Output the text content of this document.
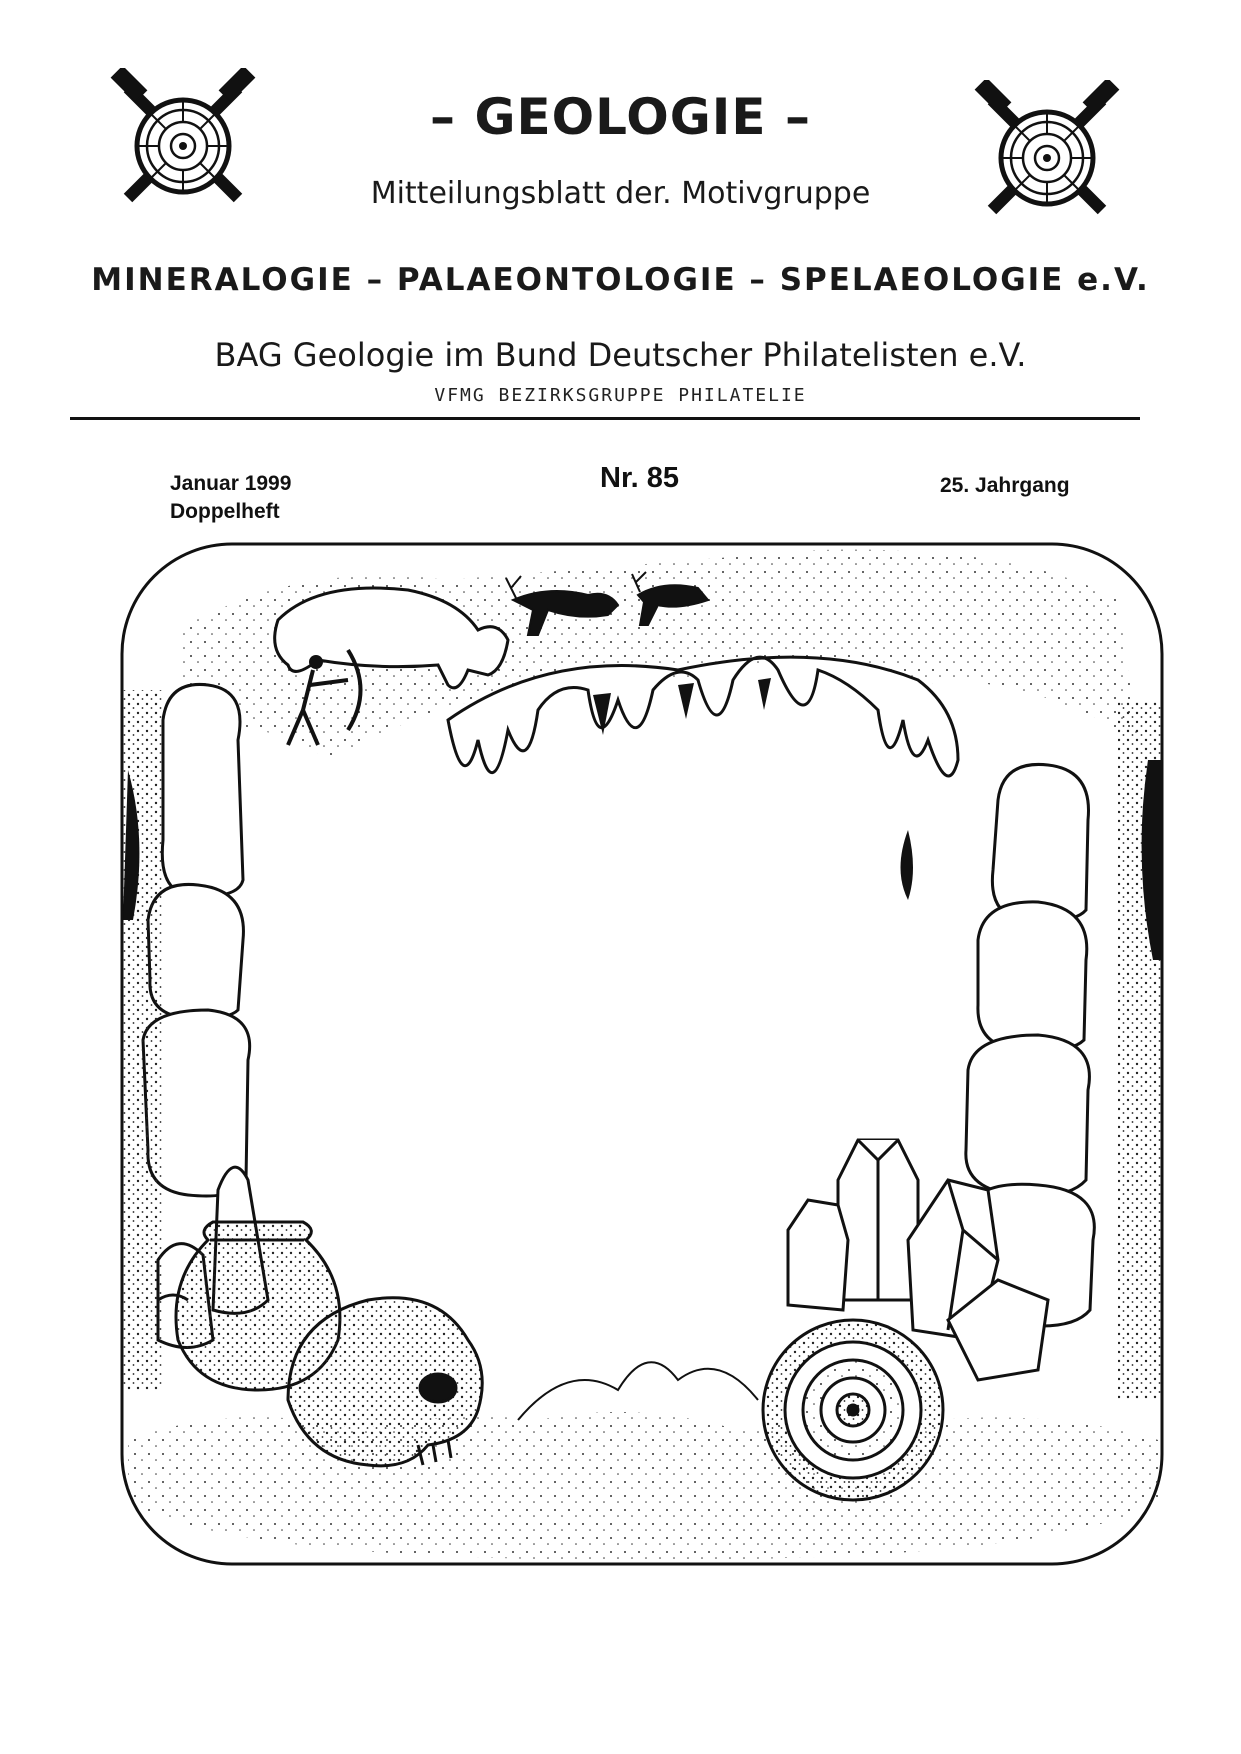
– GEOLOGIE –
Mitteilungsblatt der. Motivgruppe
MINERALOGIE – PALAEONTOLOGIE – SPELAEOLOGIE e.V.
BAG Geologie im Bund Deutscher Philatelisten e.V.
VFMG BEZIRKSGRUPPE PHILATELIE
Januar 1999
Doppelheft
Nr. 85	25. Jahrgang
